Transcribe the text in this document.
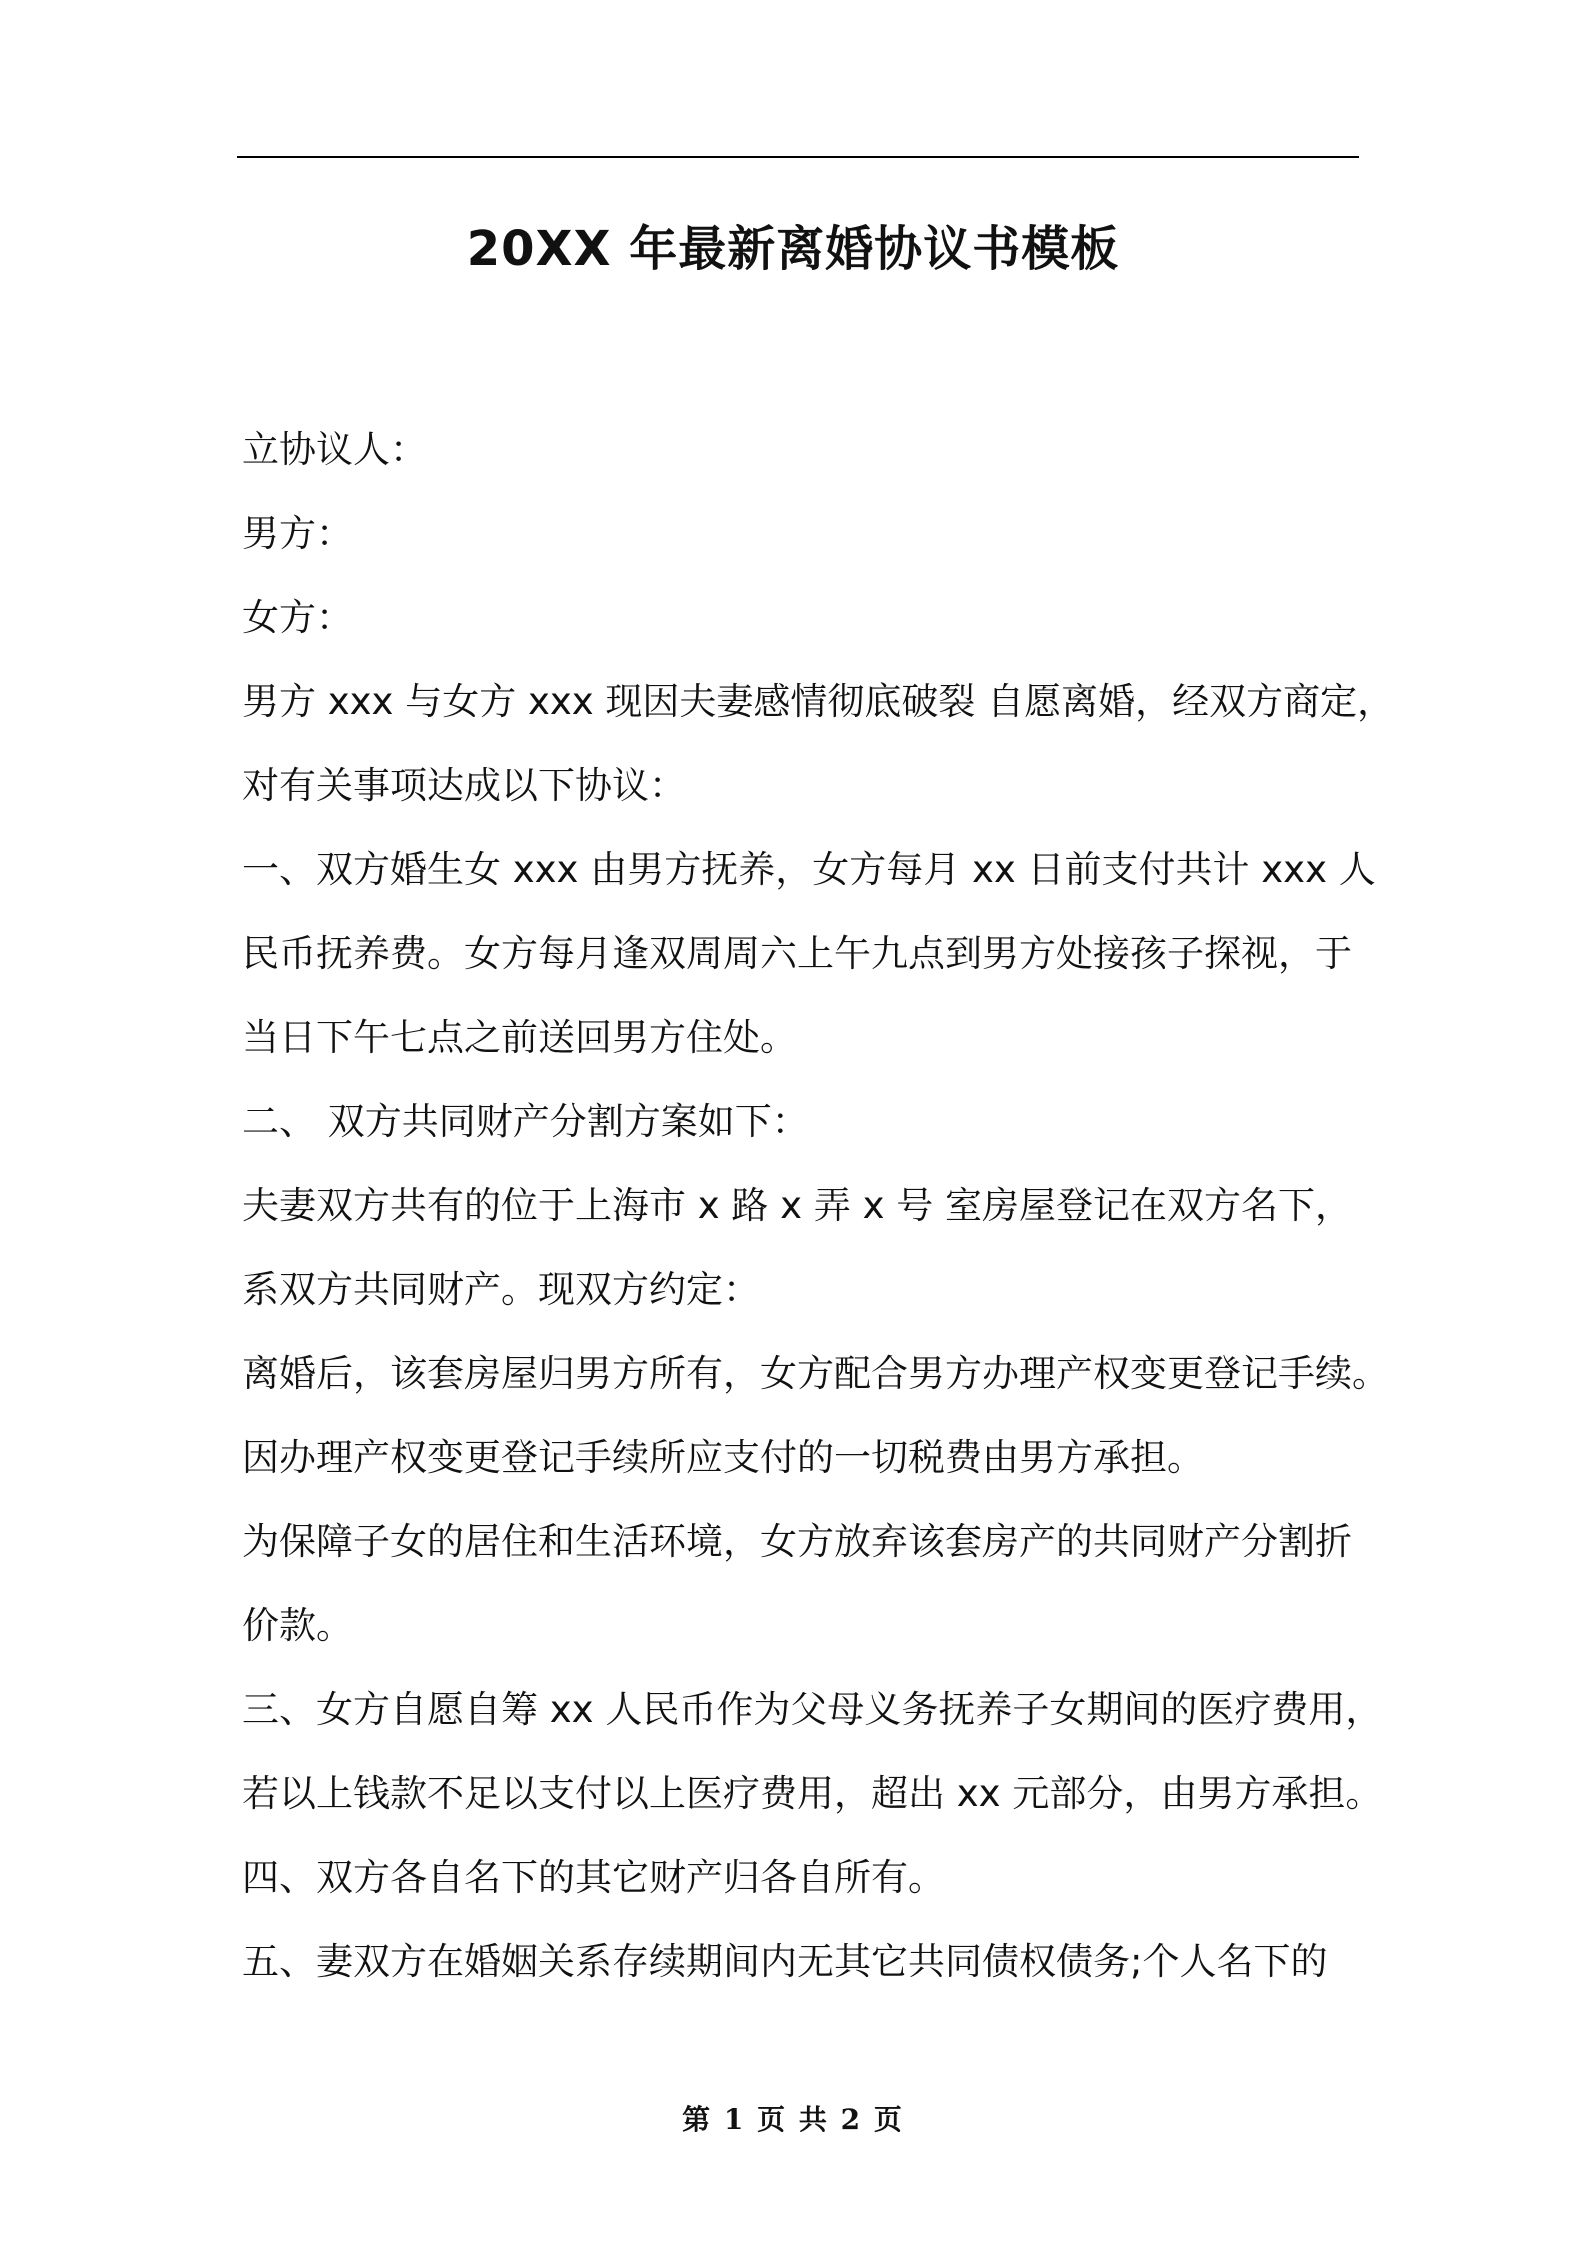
20XX 年最新离婚协议书模板
立协议人：
男方：
女方：
男方 xxx 与女方 xxx 现因夫妻感情彻底破裂 自愿离婚，经双方商定，
对有关事项达成以下协议：
一、双方婚生女 xxx 由男方抚养，女方每月 xx 日前支付共计 xxx 人
民币抚养费。女方每月逢双周周六上午九点到男方处接孩子探视，于
当日下午七点之前送回男方住处。
二、 双方共同财产分割方案如下：
夫妻双方共有的位于上海市 x 路 x 弄 x 号 室房屋登记在双方名下，
系双方共同财产。现双方约定：
离婚后，该套房屋归男方所有，女方配合男方办理产权变更登记手续。
因办理产权变更登记手续所应支付的一切税费由男方承担。
为保障子女的居住和生活环境，女方放弃该套房产的共同财产分割折
价款。
三、女方自愿自筹 xx 人民币作为父母义务抚养子女期间的医疗费用，
若以上钱款不足以支付以上医疗费用，超出 xx 元部分，由男方承担。
四、双方各自名下的其它财产归各自所有。
五、妻双方在婚姻关系存续期间内无其它共同债权债务;个人名下的
第 1 页 共 2 页
